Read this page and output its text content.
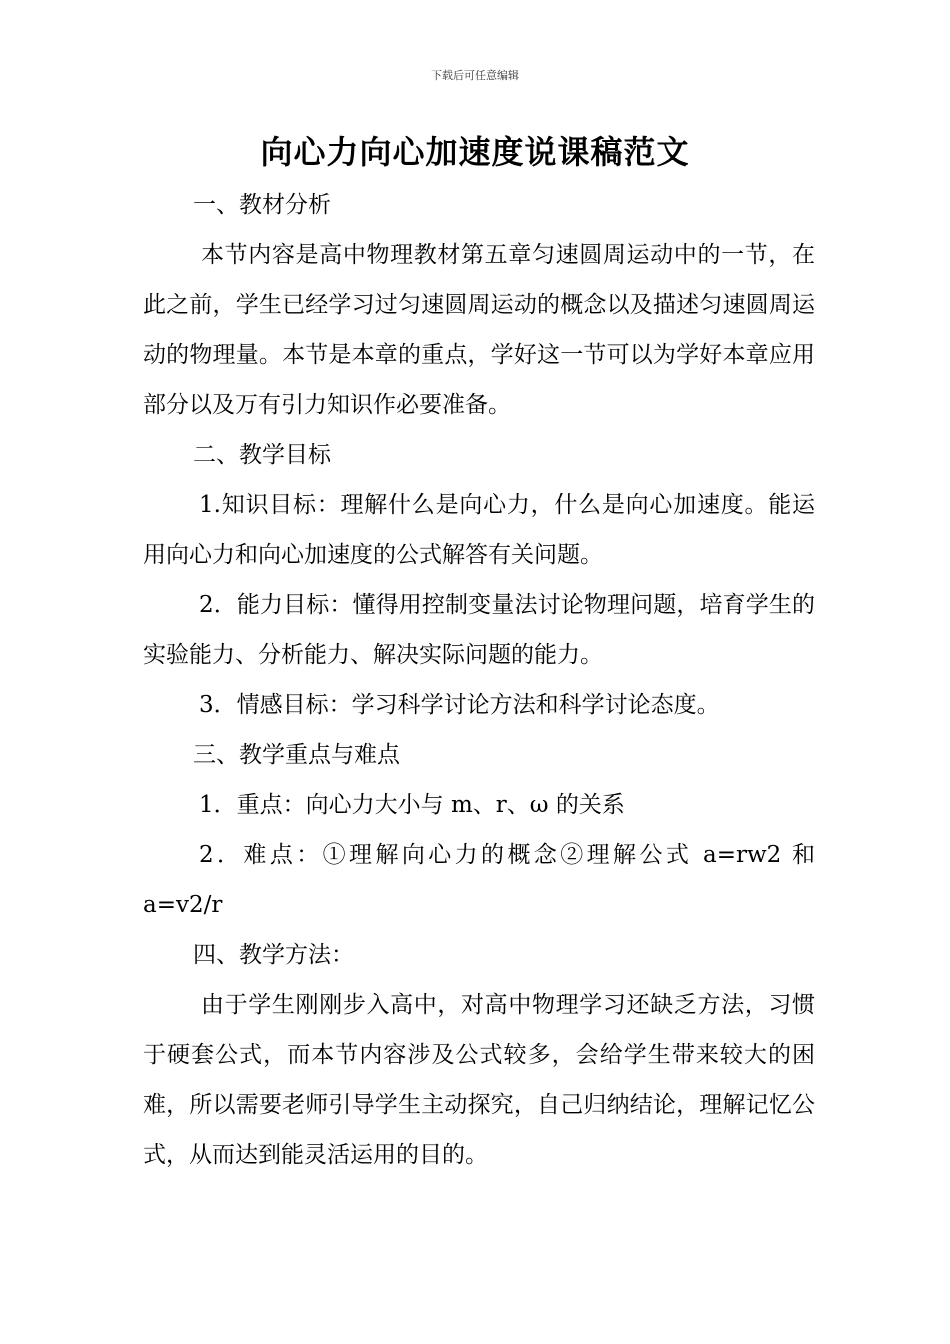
下载后可任意编辑
向心力向心加速度说课稿范文

一、教材分析

本节内容是高中物理教材第五章匀速圆周运动中的一节，在此之前，学生已经学习过匀速圆周运动的概念以及描述匀速圆周运动的物理量。本节是本章的重点，学好这一节可以为学好本章应用部分以及万有引力知识作必要准备。

二、教学目标

1.知识目标：理解什么是向心力，什么是向心加速度。能运用向心力和向心加速度的公式解答有关问题。

2．能力目标：懂得用控制变量法讨论物理问题，培育学生的实验能力、分析能力、解决实际问题的能力。

3．情感目标：学习科学讨论方法和科学讨论态度。

三、教学重点与难点

1．重点：向心力大小与 m、r、ω 的关系

2．难点：①理解向心力的概念②理解公式 a=rw2 和 a=v2/r

四、教学方法：

由于学生刚刚步入高中，对高中物理学习还缺乏方法，习惯于硬套公式，而本节内容涉及公式较多，会给学生带来较大的困难，所以需要老师引导学生主动探究，自己归纳结论，理解记忆公式，从而达到能灵活运用的目的。
